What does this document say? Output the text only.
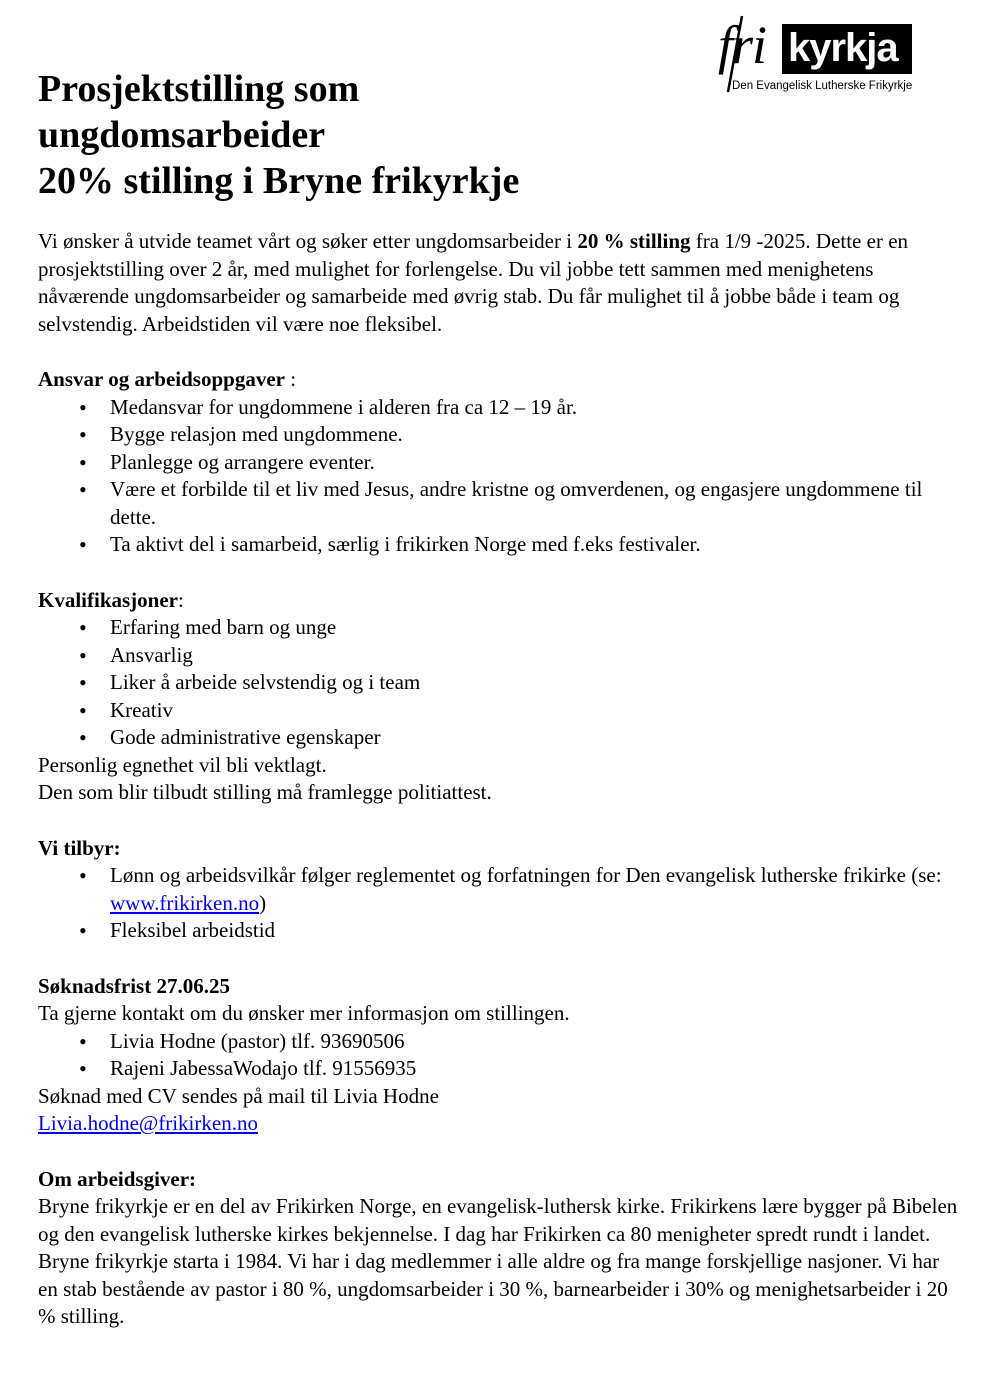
fri kyrkja
Den Evangelisk Lutherske Frikyrkje
Prosjektstilling som
ungdomsarbeider
20% stilling i Bryne frikyrkje

Vi ønsker å utvide teamet vårt og søker etter ungdomsarbeider i 20 % stilling fra 1/9 -2025. Dette er en prosjektstilling over 2 år, med mulighet for forlengelse. Du vil jobbe tett sammen med menighetens nåværende ungdomsarbeider og samarbeide med øvrig stab. Du får mulighet til å jobbe både i team og selvstendig. Arbeidstiden vil være noe fleksibel.

Ansvar og arbeidsoppgaver :

• Medansvar for ungdommene i alderen fra ca 12 – 19 år.
• Bygge relasjon med ungdommene.
• Planlegge og arrangere eventer.
• Være et forbilde til et liv med Jesus, andre kristne og omverdenen, og engasjere ungdommene til dette.
• Ta aktivt del i samarbeid, særlig i frikirken Norge med f.eks festivaler.

Kvalifikasjoner:

• Erfaring med barn og unge
• Ansvarlig
• Liker å arbeide selvstendig og i team
• Kreativ
• Gode administrative egenskaper

Personlig egnethet vil bli vektlagt.

Den som blir tilbudt stilling må framlegge politiattest.

Vi tilbyr:

• Lønn og arbeidsvilkår følger reglementet og forfatningen for Den evangelisk lutherske frikirke (se: www.frikirken.no)
• Fleksibel arbeidstid

Søknadsfrist 27.06.25

Ta gjerne kontakt om du ønsker mer informasjon om stillingen.

• Livia Hodne (pastor) tlf. 93690506
• Rajeni JabessaWodajo tlf. 91556935

Søknad med CV sendes på mail til Livia Hodne

Livia.hodne@frikirken.no

Om arbeidsgiver:

Bryne frikyrkje er en del av Frikirken Norge, en evangelisk-luthersk kirke. Frikirkens lære bygger på Bibelen og den evangelisk lutherske kirkes bekjennelse. I dag har Frikirken ca 80 menigheter spredt rundt i landet.

Bryne frikyrkje starta i 1984. Vi har i dag medlemmer i alle aldre og fra mange forskjellige nasjoner. Vi har en stab bestående av pastor i 80 %, ungdomsarbeider i 30 %, barnearbeider i 30% og menighetsarbeider i 20 % stilling.
